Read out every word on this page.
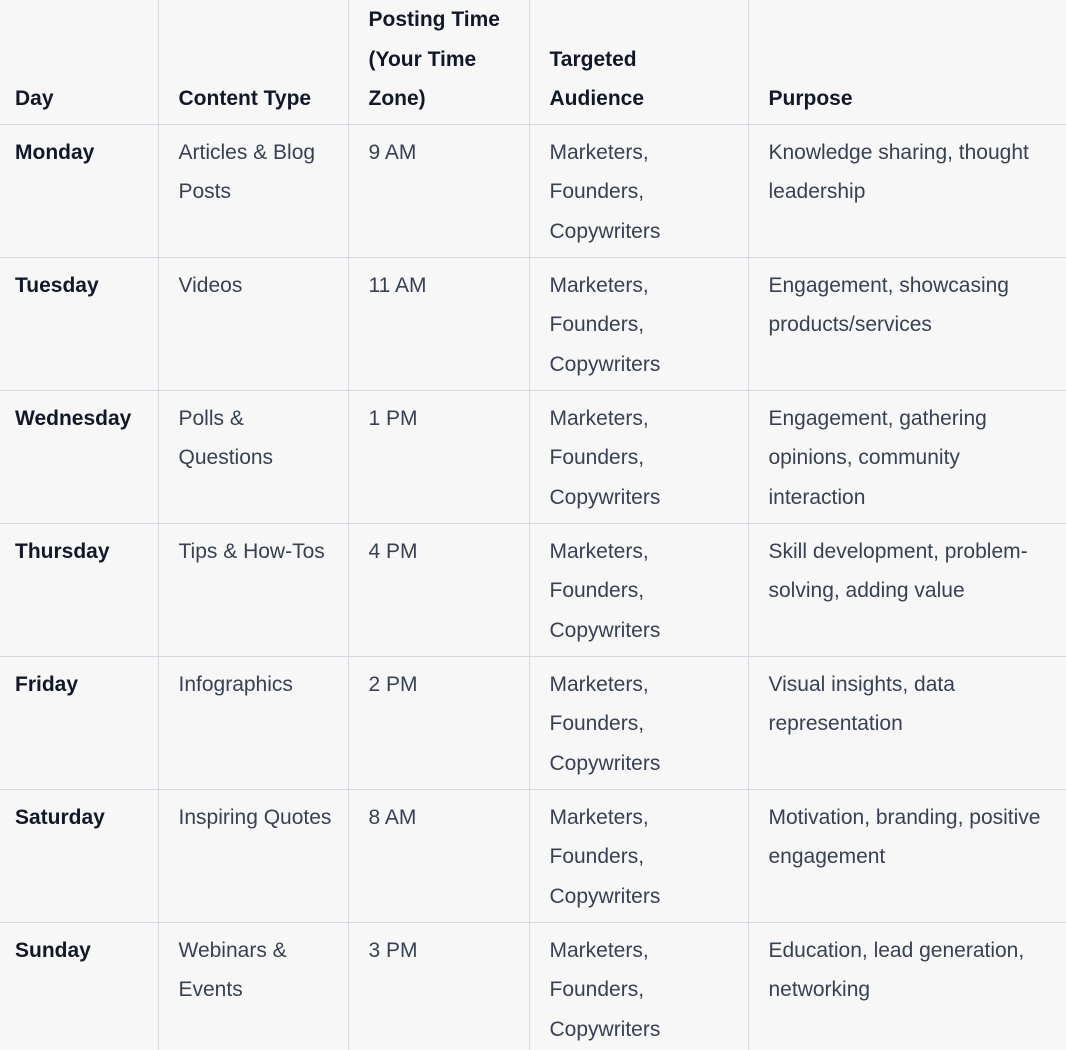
Day	Content Type	Posting Time (Your Time Zone)	Targeted Audience	Purpose
Monday	Articles & Blog Posts	9 AM	Marketers, Founders, Copywriters	Knowledge sharing, thought leadership
Tuesday	Videos	11 AM	Marketers, Founders, Copywriters	Engagement, showcasing products/services
Wednesday	Polls & Questions	1 PM	Marketers, Founders, Copywriters	Engagement, gathering opinions, community interaction
Thursday	Tips & How-Tos	4 PM	Marketers, Founders, Copywriters	Skill development, problem-solving, adding value
Friday	Infographics	2 PM	Marketers, Founders, Copywriters	Visual insights, data representation
Saturday	Inspiring Quotes	8 AM	Marketers, Founders, Copywriters	Motivation, branding, positive engagement
Sunday	Webinars & Events	3 PM	Marketers, Founders, Copywriters	Education, lead generation, networking
